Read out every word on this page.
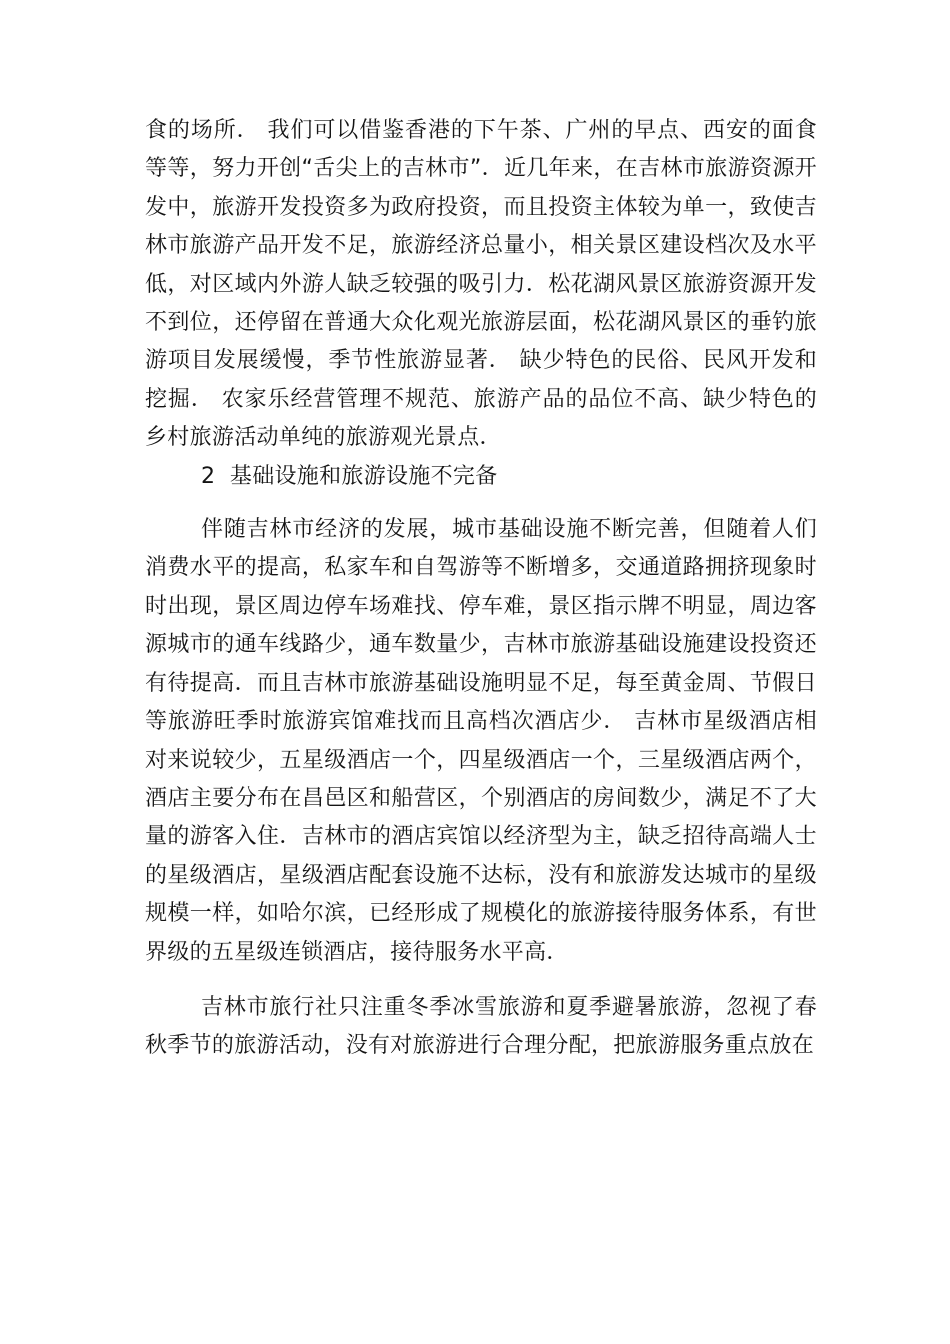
食的场所． 我们可以借鉴香港的下午茶、广州的早点、西安的面食等等，努力开创“舌尖上的吉林市”．近几年来，在吉林市旅游资源开发中，旅游开发投资多为政府投资，而且投资主体较为单一，致使吉林市旅游产品开发不足，旅游经济总量小，相关景区建设档次及水平低，对区域内外游人缺乏较强的吸引力．松花湖风景区旅游资源开发不到位，还停留在普通大众化观光旅游层面，松花湖风景区的垂钓旅游项目发展缓慢，季节性旅游显著． 缺少特色的民俗、民风开发和挖掘． 农家乐经营管理不规范、旅游产品的品位不高、缺少特色的乡村旅游活动单纯的旅游观光景点．

2 基础设施和旅游设施不完备

伴随吉林市经济的发展，城市基础设施不断完善，但随着人们消费水平的提高，私家车和自驾游等不断增多，交通道路拥挤现象时时出现，景区周边停车场难找、停车难，景区指示牌不明显，周边客源城市的通车线路少，通车数量少，吉林市旅游基础设施建设投资还有待提高．而且吉林市旅游基础设施明显不足，每至黄金周、节假日等旅游旺季时旅游宾馆难找而且高档次酒店少． 吉林市星级酒店相对来说较少，五星级酒店一个，四星级酒店一个，三星级酒店两个，酒店主要分布在昌邑区和船营区，个别酒店的房间数少，满足不了大量的游客入住．吉林市的酒店宾馆以经济型为主，缺乏招待高端人士的星级酒店，星级酒店配套设施不达标，没有和旅游发达城市的星级规模一样，如哈尔滨，已经形成了规模化的旅游接待服务体系，有世界级的五星级连锁酒店，接待服务水平高．

吉林市旅行社只注重冬季冰雪旅游和夏季避暑旅游，忽视了春秋季节的旅游活动，没有对旅游进行合理分配，把旅游服务重点放在
